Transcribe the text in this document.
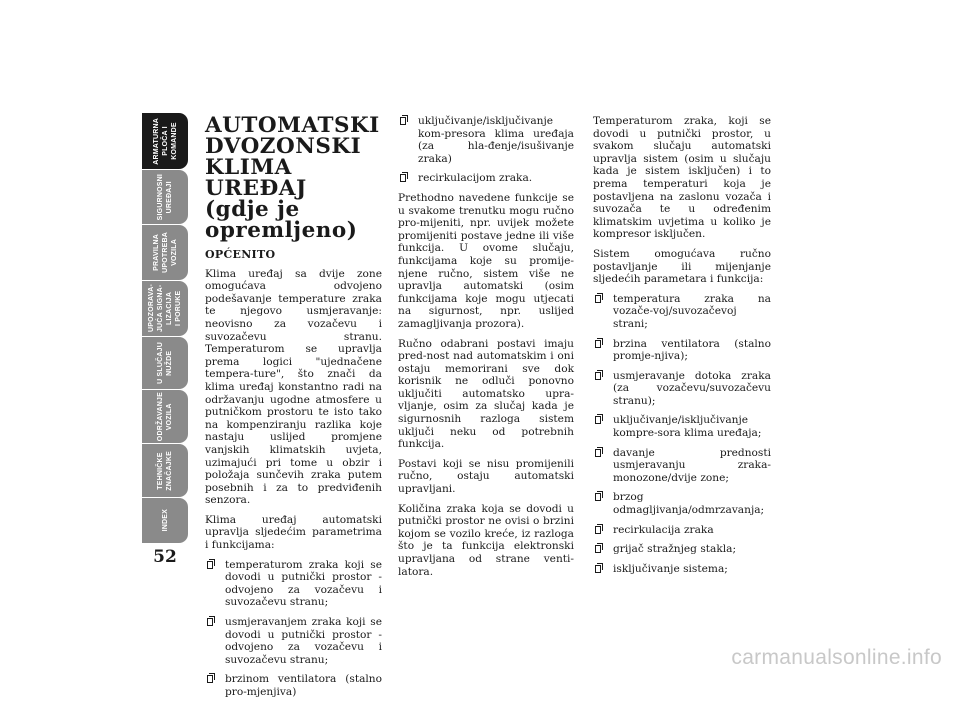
ARMATURNA
PLOČA I
KOMANDE
SIGURNOSNI
UREĐAJI
PRAVILNA
UPOTREBA
VOZILA
UPOZORAVA-
JUĆA SIGNA-
LIZACIJA
I PORUKE
U SLUČAJU
NUŽDE
ODRŽAVANJE
VOZILA
TEHNIČKE
ZNAČAJKE
INDEX
52
AUTOMATSKI
DVOZONSKI
KLIMA UREĐAJ
(gdje je
opremljeno)
OPĆENITO

Klima uređaj sa dvije zone omogućava odvojeno podešavanje temperature zraka te njegovo usmjeravanje: neovisno za vozačevu i suvozačevu stranu. Temperaturom se upravlja prema logici "ujednačene tempera-ture", što znači da klima uređaj konstantno radi na održavanju ugodne atmosfere u putničkom prostoru te isto tako na kompenziranju razlika koje nastaju uslijed promjene vanjskih klimatskih uvjeta, uzimajući pri tome u obzir i položaja sunčevih zraka putem posebnih i za to predviđenih senzora.

Klima uređaj automatski upravlja sljedećim parametrima i funkcijama:

temperaturom zraka koji se dovodi u putnički prostor - odvojeno za vozačevu i suvozačevu stranu;
usmjeravanjem zraka koji se dovodi u putnički prostor - odvojeno za vozačevu i suvozačevu stranu;
brzinom ventilatora (stalno pro-mjenjiva)
uključivanje/isključivanje kom-presora klima uređaja (za hla-đenje/isušivanje zraka)
recirkulacijom zraka.

Prethodno navedene funkcije se u svakome trenutku mogu ručno pro-mijeniti, npr. uvijek možete promijeniti postave jedne ili više funkcija. U ovome slučaju, funkcijama koje su promije-njene ručno, sistem više ne upravlja automatski (osim funkcijama koje mogu utjecati na sigurnost, npr. uslijed zamagljivanja prozora).

Ručno odabrani postavi imaju pred-nost nad automatskim i oni ostaju memorirani sve dok korisnik ne odluči ponovno uključiti automatsko upra-vljanje, osim za slučaj kada je sigurnosnih razloga sistem uključi neku od potrebnih funkcija.

Postavi koji se nisu promijenili ručno, ostaju automatski upravljani.

Količina zraka koja se dovodi u putnički prostor ne ovisi o brzini kojom se vozilo kreće, iz razloga što je ta funkcija elektronski upravljana od strane venti-latora.

Temperaturom zraka, koji se dovodi u putnički prostor, u svakom slučaju automatski upravlja sistem (osim u slučaju kada je sistem isključen) i to prema temperaturi koja je postavljena na zaslonu vozača i suvozača te u određenim klimatskim uvjetima u koliko je kompresor isključen.

Sistem omogućava ručno postavljanje ili mijenjanje sljedećih parametara i funkcija:

temperatura zraka na vozače-voj/suvozačevoj strani;
brzina ventilatora (stalno promje-njiva);
usmjeravanje dotoka zraka (za vozačevu/suvozačevu stranu);
uključivanje/isključivanje kompre-sora klima uređaja;
davanje prednosti usmjeravanju zraka-monozone/dvije zone;
brzog odmagljivanja/odmrzavanja;
recirkulacija zraka
grijač stražnjeg stakla;
isključivanje sistema;
carmanualsonline.info
